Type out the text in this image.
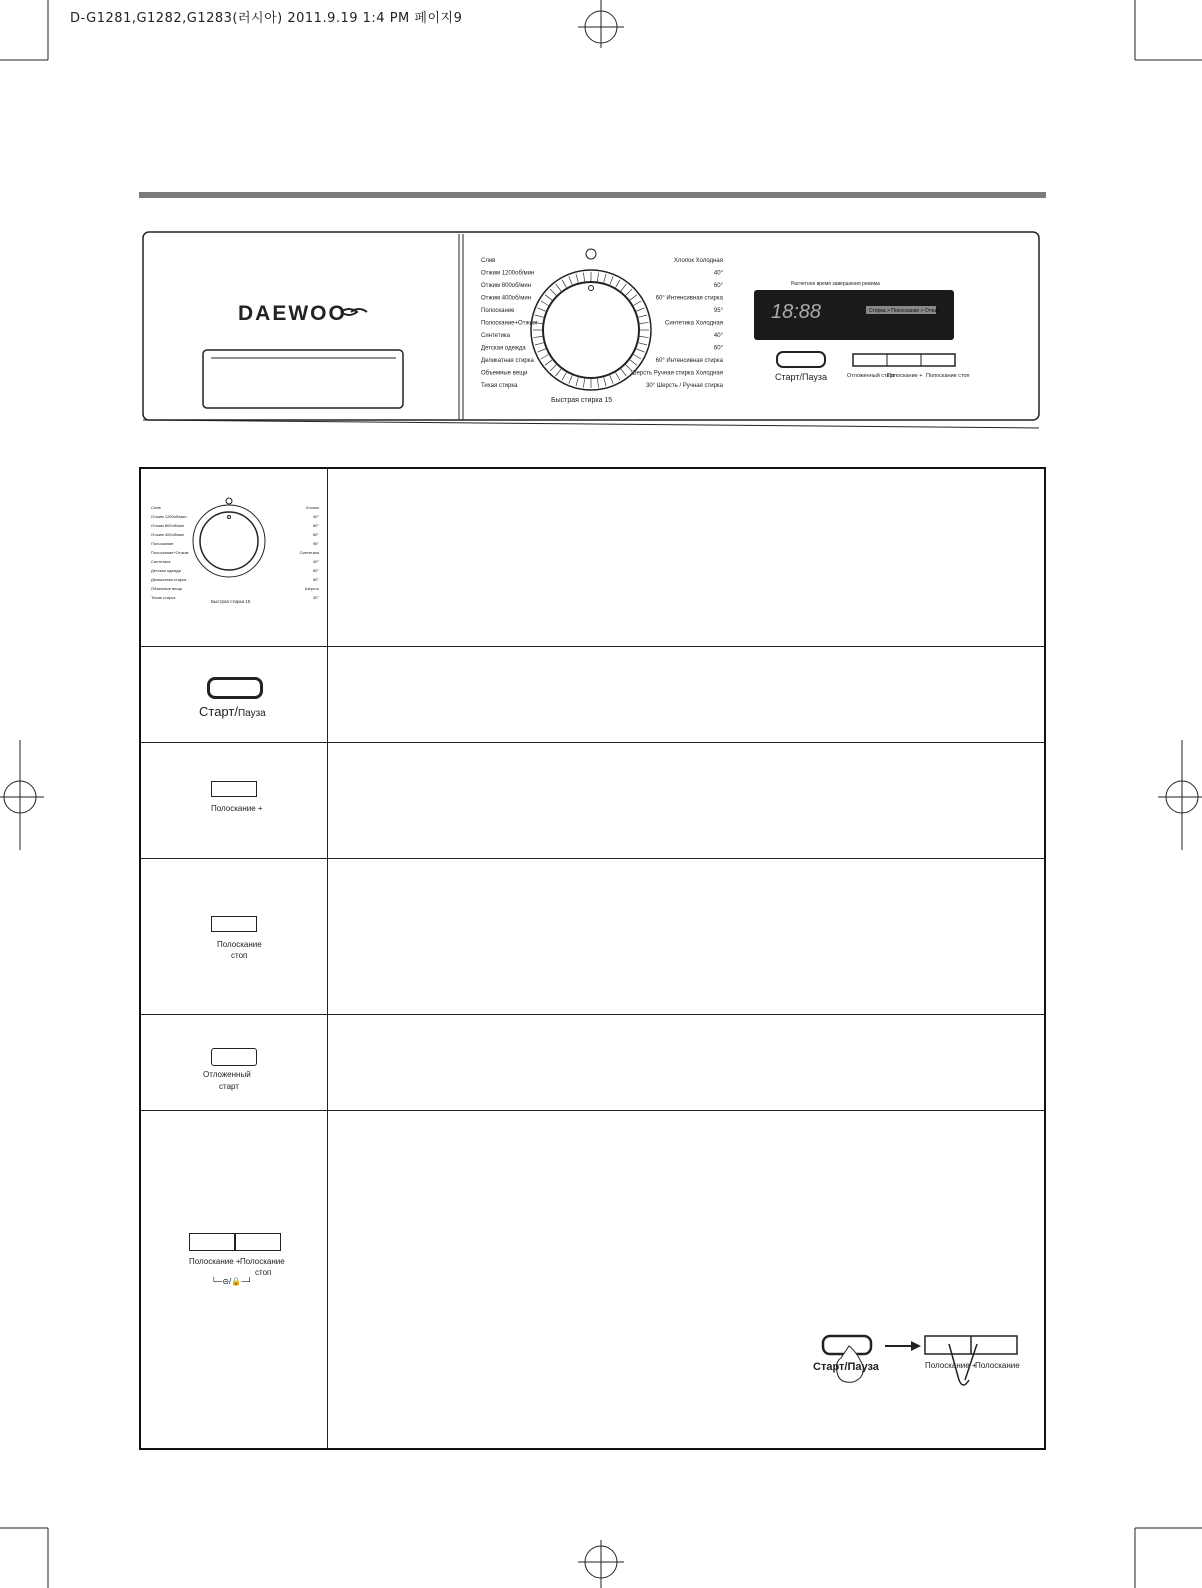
D-G1281,G1282,G1283(러시아) 2011.9.19 1:4 PM 페이지9
DAEWOO
Слив
Отжим 1200об/мин
Отжим 800об/мин
Отжим 400об/мин
Полоскание
Полоскание+Отжим
Синтетика
Детская одежда
Деликатная стирка
Объемные вещи
Тихая стирка
Хлопок Холодная
40°
60°
60° Интенсивная стирка
95°
Синтетика Холодная
40°
60°
60° Интенсивная стирка
Шерсть Ручная стирка Холодная
30° Шерсть / Ручная стирка
Быстрая стирка 15
Расчетное время завершения режима
18:88	Стирка > Полоскание > Отжим
Старт/Пауза	Отложенный старт
Полоскание + Полоскание стоп
Слив
Отжим 1200об/мин
Отжим 800об/мин
Отжим 400об/мин
Полоскание
Полоскание+Отжим
Синтетика
Детская одежда
Деликатная стирка
Объемные вещи
Тихая стирка
Хлопок
40°
60°
60°
95°
Синтетика
40°
60°
60°
Шерсть
30°
Быстрая стирка 15
Старт/Пауза
Полоскание +
Полоскание
стоп
Отложенный
старт
Полоскание + Полоскание
стоп
└─⊝/🔒─┘
Старт/Пауза	Полоскание +
Полоскание
